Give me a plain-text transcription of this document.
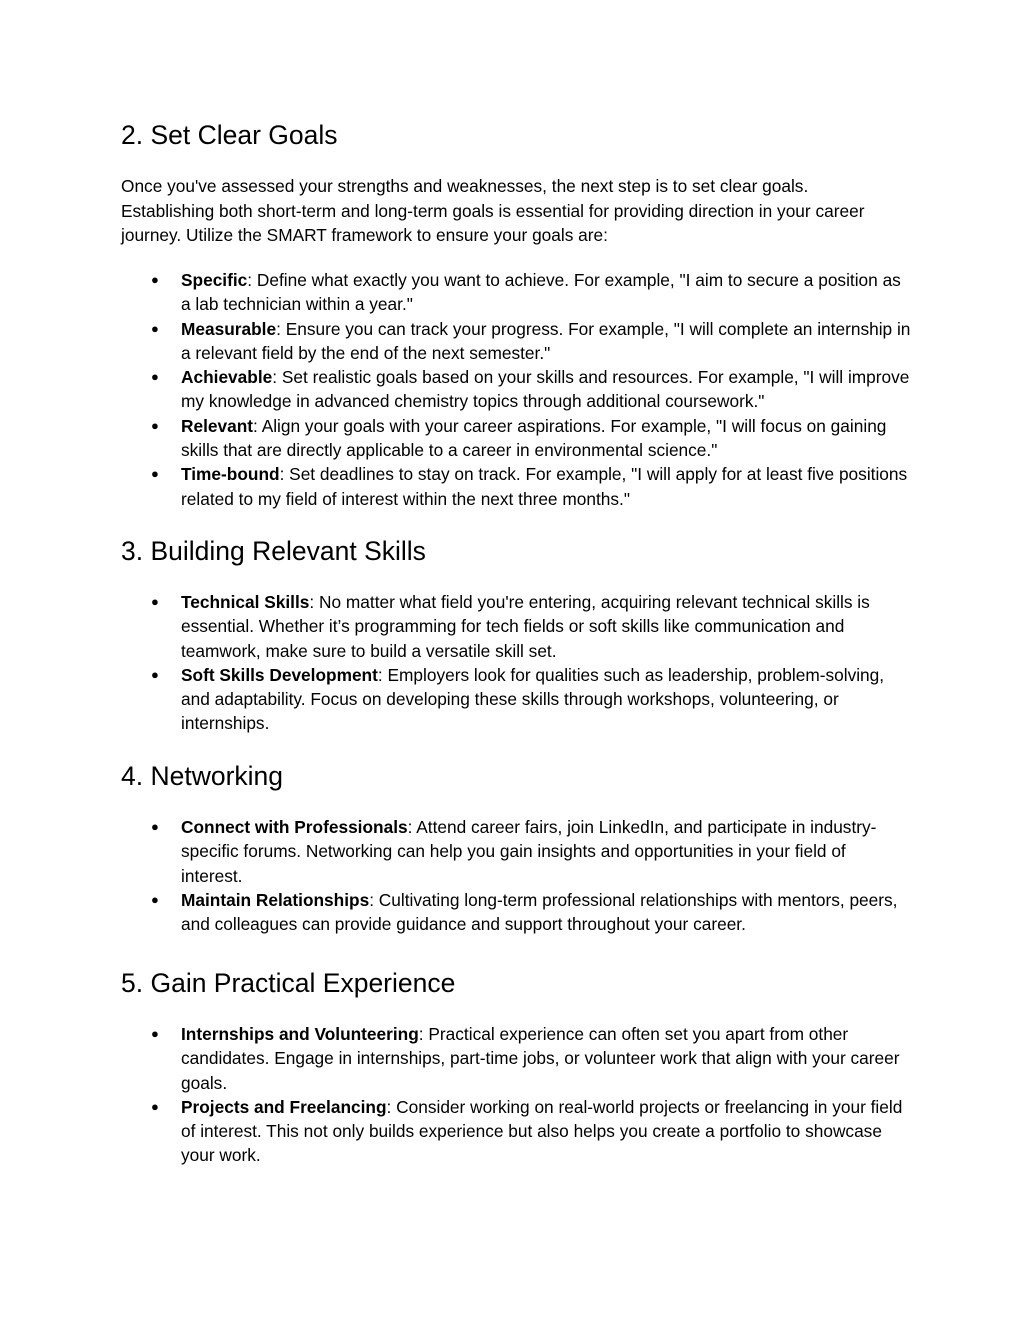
2. Set Clear Goals

Once you've assessed your strengths and weaknesses, the next step is to set clear goals. Establishing both short-term and long-term goals is essential for providing direction in your career journey. Utilize the SMART framework to ensure your goals are:

● Specific: Define what exactly you want to achieve. For example, "I aim to secure a position as a lab technician within a year."
● Measurable: Ensure you can track your progress. For example, "I will complete an internship in a relevant field by the end of the next semester."
● Achievable: Set realistic goals based on your skills and resources. For example, "I will improve my knowledge in advanced chemistry topics through additional coursework."
● Relevant: Align your goals with your career aspirations. For example, "I will focus on gaining skills that are directly applicable to a career in environmental science."
● Time-bound: Set deadlines to stay on track. For example, "I will apply for at least five positions related to my field of interest within the next three months."
3. Building Relevant Skills
● Technical Skills: No matter what field you're entering, acquiring relevant technical skills is essential. Whether it’s programming for tech fields or soft skills like communication and teamwork, make sure to build a versatile skill set.
● Soft Skills Development: Employers look for qualities such as leadership, problem-solving, and adaptability. Focus on developing these skills through workshops, volunteering, or internships.
4. Networking
● Connect with Professionals: Attend career fairs, join LinkedIn, and participate in industry-specific forums. Networking can help you gain insights and opportunities in your field of interest.
● Maintain Relationships: Cultivating long-term professional relationships with mentors, peers, and colleagues can provide guidance and support throughout your career.
5. Gain Practical Experience
● Internships and Volunteering: Practical experience can often set you apart from other candidates. Engage in internships, part-time jobs, or volunteer work that align with your career goals.
● Projects and Freelancing: Consider working on real-world projects or freelancing in your field of interest. This not only builds experience but also helps you create a portfolio to showcase your work.
